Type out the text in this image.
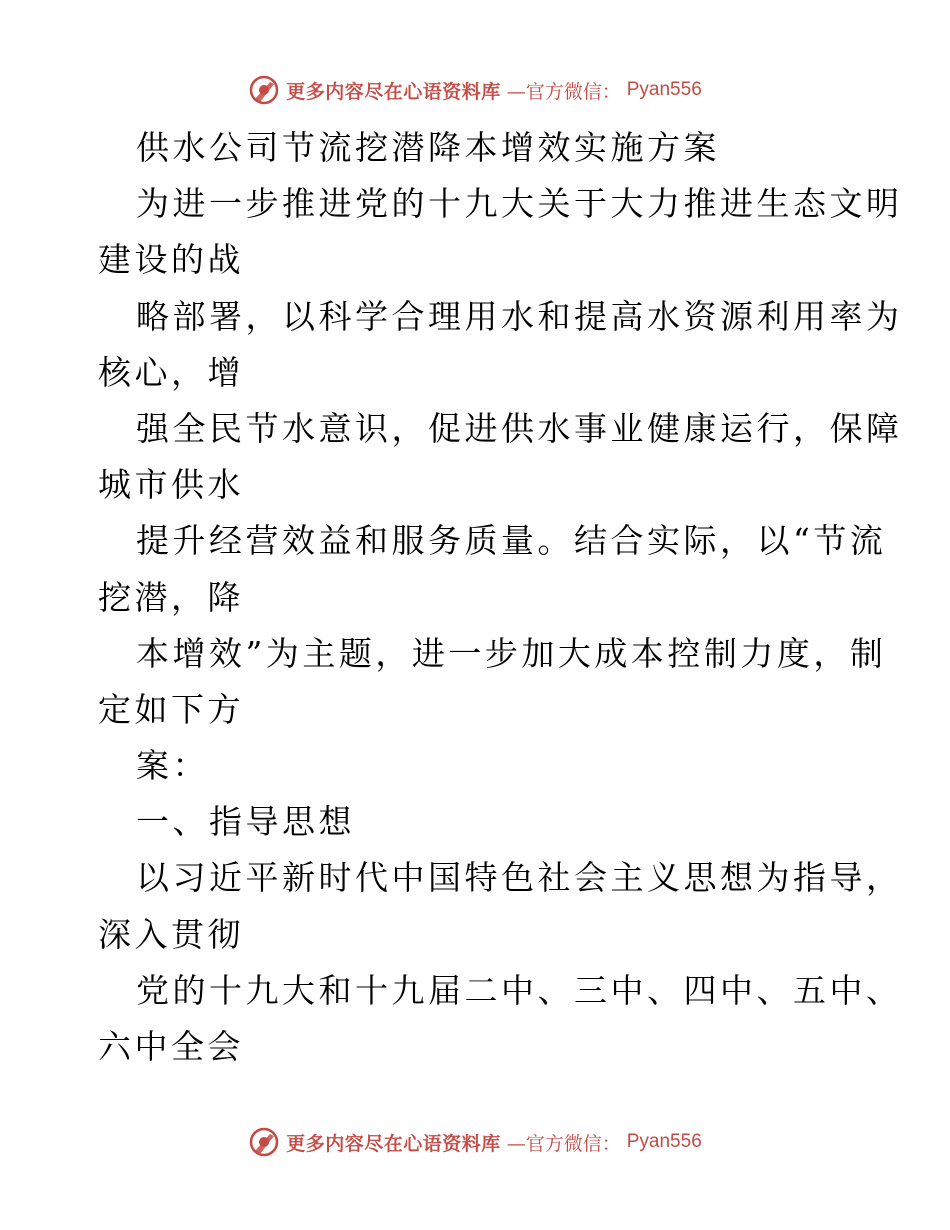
更多内容尽在心语资料库 —官方微信： Pyan556
供水公司节流挖潜降本增效实施方案
为进一步推进党的十九大关于大力推进生态文明
建设的战
略部署，以科学合理用水和提高水资源利用率为
核心，增
强全民节水意识，促进供水事业健康运行，保障
城市供水
提升经营效益和服务质量。结合实际，以“节流
挖潜，降
本增效”为主题，进一步加大成本控制力度，制
定如下方
案：
一、指导思想
以习近平新时代中国特色社会主义思想为指导，
深入贯彻
党的十九大和十九届二中、三中、四中、五中、
六中全会
更多内容尽在心语资料库 —官方微信： Pyan556
